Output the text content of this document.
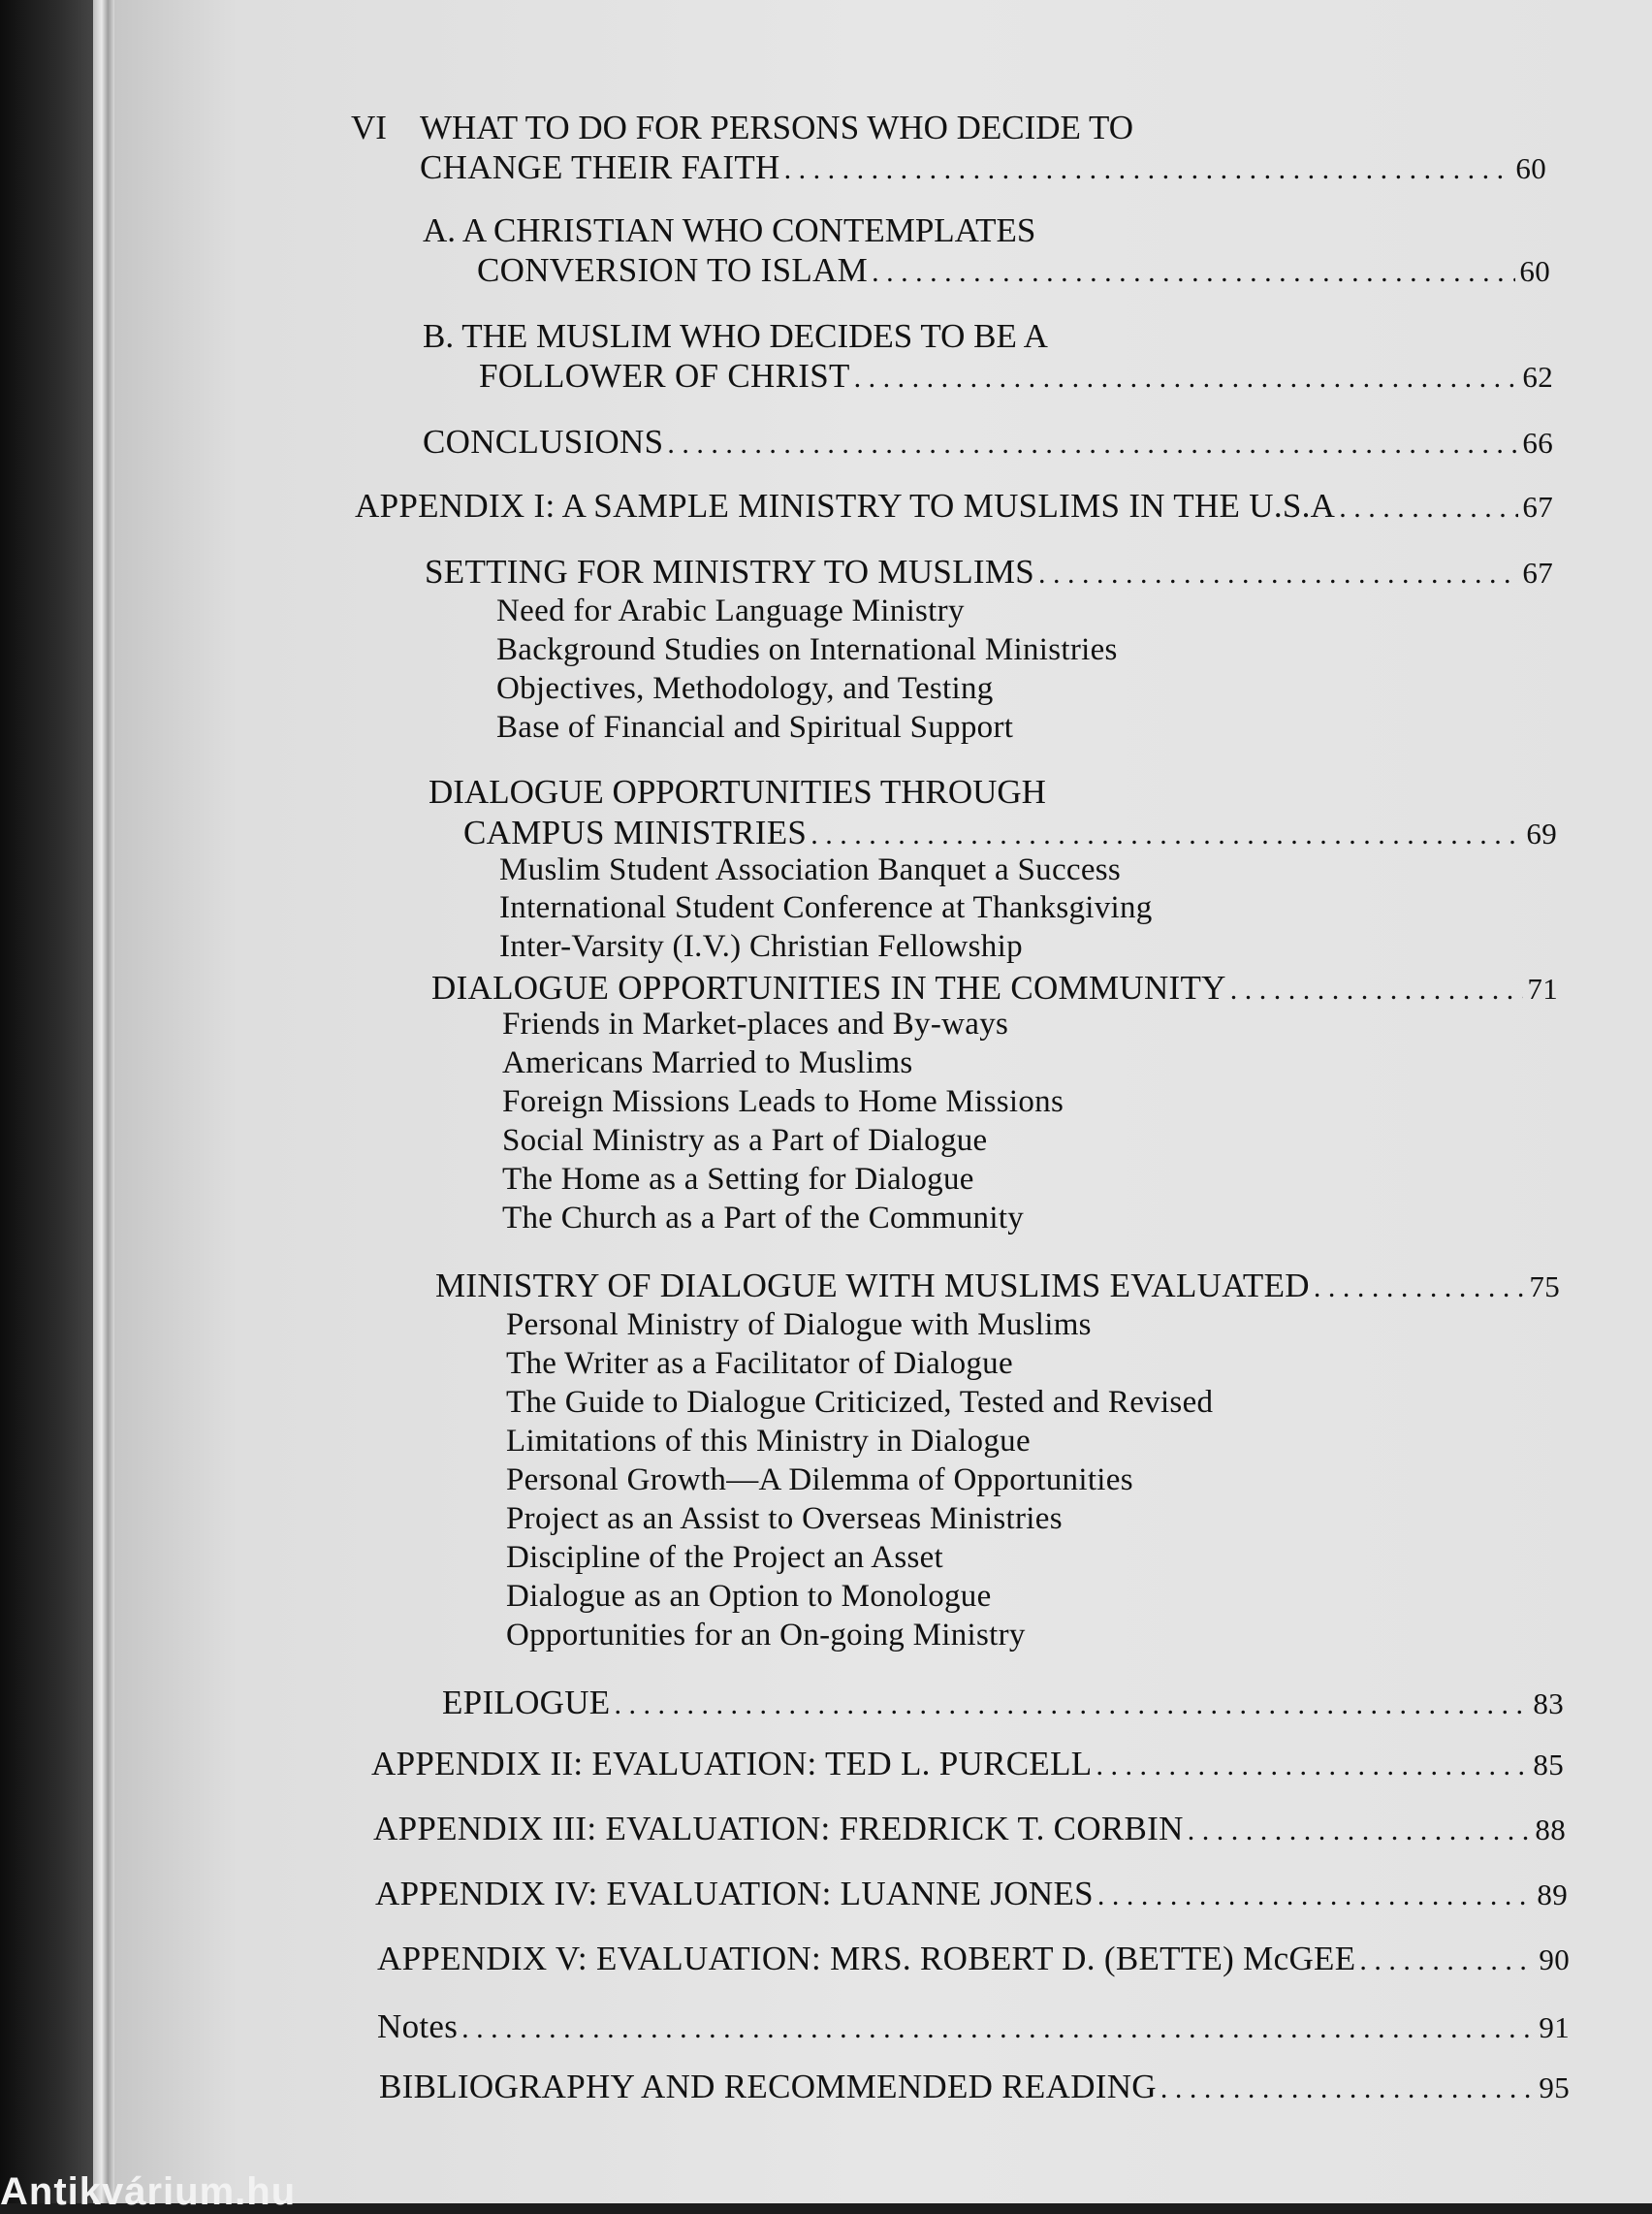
VI WHAT TO DO FOR PERSONS WHO DECIDE TO
CHANGE THEIR FAITH . . .	60
A. A CHRISTIAN WHO CONTEMPLATES
CONVERSION TO ISLAM . . .	60
B. THE MUSLIM WHO DECIDES TO BE A
FOLLOWER OF CHRIST . . .	62
CONCLUSIONS . . .	66
APPENDIX I: A SAMPLE MINISTRY TO MUSLIMS IN THE U.S.A . . .	67
SETTING FOR MINISTRY TO MUSLIMS . . .	67
Need for Arabic Language Ministry
Background Studies on International Ministries
Objectives, Methodology, and Testing
Base of Financial and Spiritual Support
DIALOGUE OPPORTUNITIES THROUGH
CAMPUS MINISTRIES . . .	69
Muslim Student Association Banquet a Success
International Student Conference at Thanksgiving
Inter-Varsity (I.V.) Christian Fellowship
DIALOGUE OPPORTUNITIES IN THE COMMUNITY . . .	71
Friends in Market-places and By-ways
Americans Married to Muslims
Foreign Missions Leads to Home Missions
Social Ministry as a Part of Dialogue
The Home as a Setting for Dialogue
The Church as a Part of the Community
MINISTRY OF DIALOGUE WITH MUSLIMS EVALUATED . . .	75
Personal Ministry of Dialogue with Muslims
The Writer as a Facilitator of Dialogue
The Guide to Dialogue Criticized, Tested and Revised
Limitations of this Ministry in Dialogue
Personal Growth—A Dilemma of Opportunities
Project as an Assist to Overseas Ministries
Discipline of the Project an Asset
Dialogue as an Option to Monologue
Opportunities for an On-going Ministry
EPILOGUE . . .	83
APPENDIX II: EVALUATION: TED L. PURCELL . . .	85
APPENDIX III: EVALUATION: FREDRICK T. CORBIN . . .	88
APPENDIX IV: EVALUATION: LUANNE JONES . . .	89
APPENDIX V: EVALUATION: MRS. ROBERT D. (BETTE) McGEE . . .	90
Notes . . .	91
BIBLIOGRAPHY AND RECOMMENDED READING . . .	95
Antikvárium.hu
